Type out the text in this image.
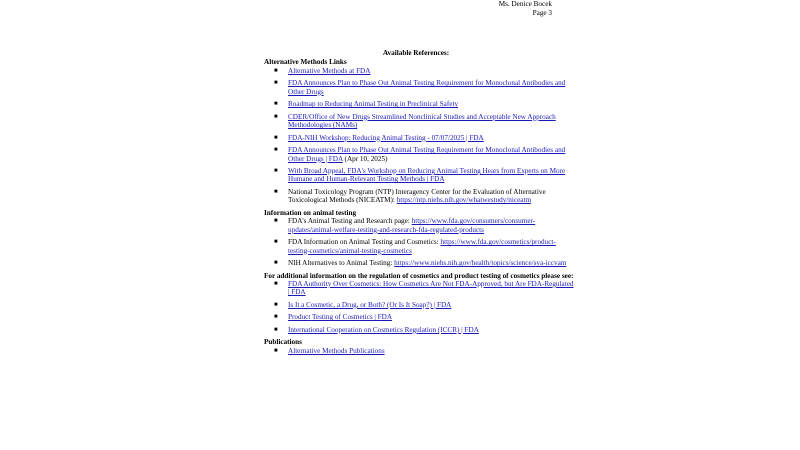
Ms. Denice Bocek
Page 3
Available References:
Alternative Methods Links
■ Alternative Methods at FDA
■ FDA Announces Plan to Phase Out Animal Testing Requirement for Monoclonal Antibodies and Other Drugs
■ Roadmap to Reducing Animal Testing in Preclinical Safety
■ CDER/Office of New Drugs Streamlined Nonclinical Studies and Acceptable New Approach Methodologies (NAMs)
■ FDA-NIH Workshop: Reducing Animal Testing - 07/07/2025 | FDA
■ FDA Announces Plan to Phase Out Animal Testing Requirement for Monoclonal Antibodies and Other Drugs | FDA (Apr 10, 2025)
■ With Broad Appeal, FDA's Workshop on Reducing Animal Testing Hears from Experts on More Humane and Human-Relevant Testing Methods | FDA
■ National Toxicology Program (NTP) Interagency Center for the Evaluation of Alternative Toxicological Methods (NICEATM): https://ntp.niehs.nih.gov/whatwestudy/niceatm
Information on animal testing
■ FDA's Animal Testing and Research page: https://www.fda.gov/consumers/consumer-updates/animal-welfare-testing-and-research-fda-regulated-products
■ FDA Information on Animal Testing and Cosmetics: https://www.fda.gov/cosmetics/product-testing-cosmetics/animal-testing-cosmetics
■ NIH Alternatives to Animal Testing: https://www.niehs.nih.gov/health/topics/science/sya-iccvam
For additional information on the regulation of cosmetics and product testing of cosmetics please see:
■ FDA Authority Over Cosmetics: How Cosmetics Are Not FDA-Approved, but Are FDA-Regulated | FDA
■ Is It a Cosmetic, a Drug, or Both? (Or Is It Soap?) | FDA
■ Product Testing of Cosmetics | FDA
■ International Cooperation on Cosmetics Regulation (ICCR) | FDA
Publications
■ Alternative Methods Publications
